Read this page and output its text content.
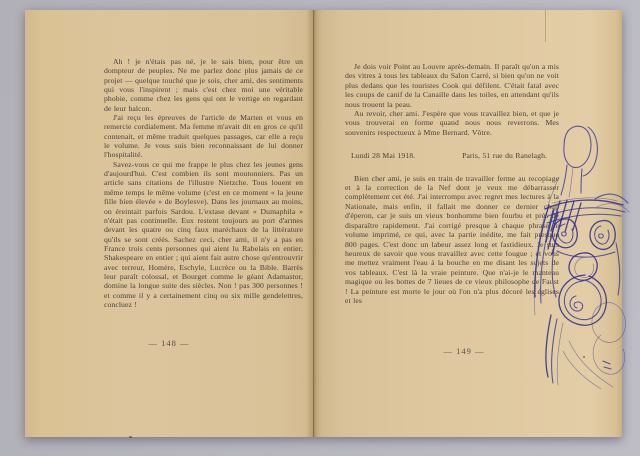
Ah ! je n'étais pas né, je le sais bien, pour être un dompteur de peuples. Ne me parlez donc plus jamais de ce projet — quelque touché que je sois, cher ami, des sentiments qui vous l'inspirent ; mais c'est chez moi une véritable phobie, comme chez les gens qui ont le vertige en regardant de leur balcon.

J'ai reçu les épreuves de l'article de Marten et vous en remercie cordialement. Ma femme m'avait dit en gros ce qu'il contenait, et même traduit quelques passages, car elle a reçu le volume. Je vous suis bien reconnaissant de lui donner l'hospitalité.

Savez-vous ce qui me frappe le plus chez les jeunes gens d'aujourd'hui. C'est combien ils sont moutonniers. Pas un article sans citations de l'illustre Nietzche. Tous louent en même temps le même volume (c'est en ce moment « la jeune fille bien élevée » de Boylesve). Dans les journaux au moins, on éreintait parfois Sardou. L'extase devant « Dumaphila » n'était pas continuelle. Eux restent toujours au port d'armes devant les quatre ou cinq faux maréchaux de la littérature qu'ils se sont créés. Sachez ceci, cher ami, il n'y a pas en France trois cents personnes qui aient lu Rabelais en entier, Shakespeare en entier ; qui aient fait autre chose qu'entrouvrir avec terreur, Homère, Eschyle, Lucrèce ou la Bible. Barrès leur paraît colossal, et Bourget comme le géant Adamastor, domine la longue suite des siècles. Non ! pas 300 personnes ! et comme il y a certainement cinq ou six mille gendelettres, concluez !

— 148 —

Je dois voir Point au Louvre après-demain. Il paraît qu'on a mis des vitres à tous les tableaux du Salon Carré, si bien qu'on ne voit plus dedans que les touristes Cook qui défilent. C'était fatal avec les coups de canif de la Canaille dans les toiles, en attendant qu'ils nous trouent la peau.

Au revoir, cher ami. J'espère que vous travaillez bien, et que je vous trouverai en forme quand nous nous reverrons. Mes souvenirs respectueux à Mme Bernard. Vôtre.

Lundi 28 Mai 1918.	Paris, 51 rue du Ranelagh.

Bien cher ami, je suis en train de travailler ferme au recopiage et à la correction de la Nef dont je veux me débarrasser complètement cet été. J'ai interrompu avec regret mes lectures à la Nationale, mais enfin, il fallait me donner ce dernier coup d'éperon, car je suis un vieux bonhomme bien fourbu et près de disparaître rapidement. J'ai corrigé presque à chaque phrase le volume imprimé, ce qui, avec la partie inédite, me fait presque 800 pages. C'est donc un labeur assez long et fastidieux. Je suis heureux de savoir que vous travaillez avec cette fougue ; et vous me mettez vraiment l'eau à la bouche en me disant les sujets de vos tableaux. C'est là la vraie peinture. Que n'ai-je le manteau magique ou les bottes de 7 lieues de ce vieux philosophe de Faust ! La peinture est morte le jour où l'on n'a plus décoré les églises et les

— 149 —
